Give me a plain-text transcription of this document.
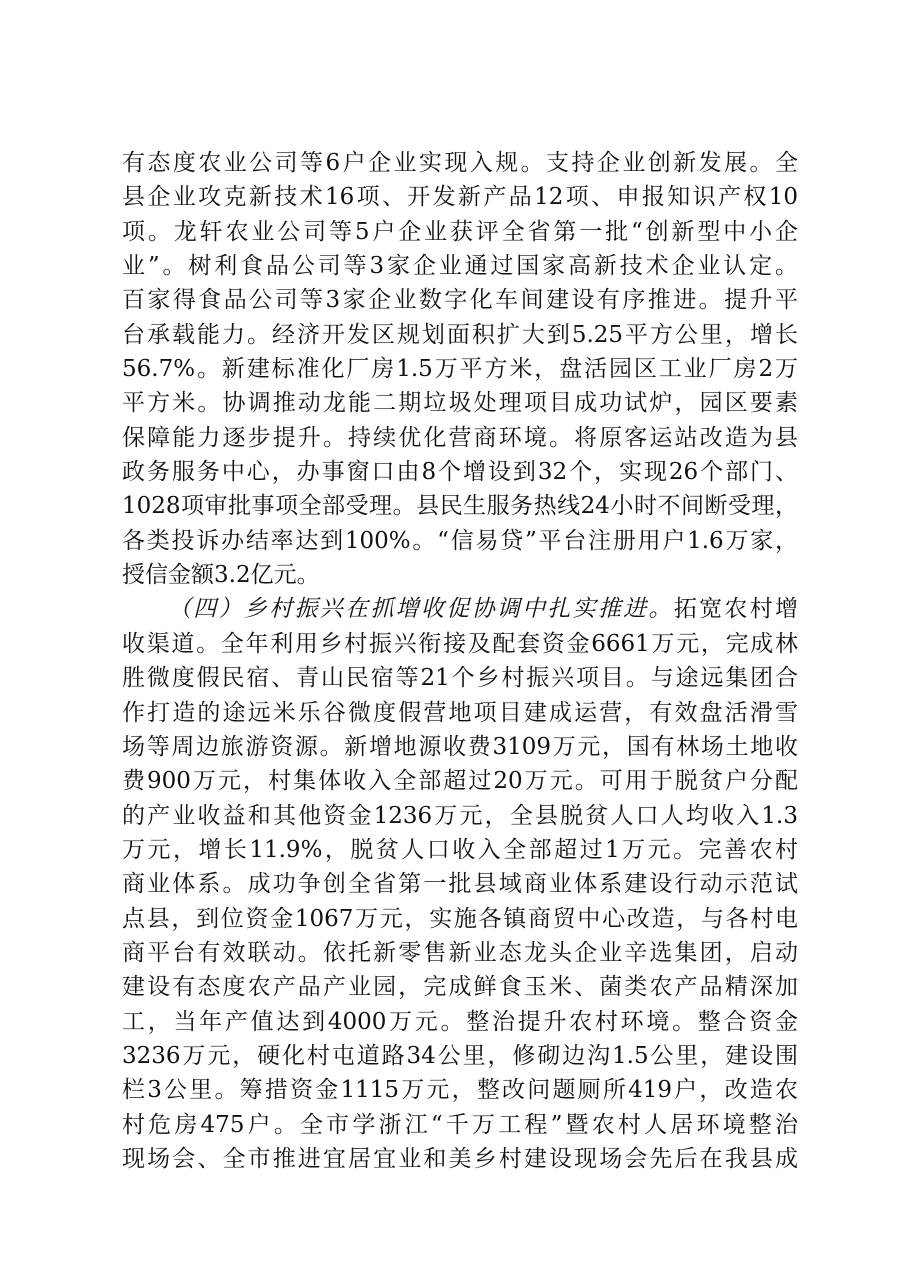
有态度农业公司等6户企业实现入规。支持企业创新发展。全
县企业攻克新技术16项、开发新产品12项、申报知识产权10
项。龙轩农业公司等5户企业获评全省第一批“创新型中小企
业”。树利食品公司等3家企业通过国家高新技术企业认定。
百家得食品公司等3家企业数字化车间建设有序推进。提升平
台承载能力。经济开发区规划面积扩大到5.25平方公里，增长
56.7%。新建标准化厂房1.5万平方米，盘活园区工业厂房2万
平方米。协调推动龙能二期垃圾处理项目成功试炉，园区要素
保障能力逐步提升。持续优化营商环境。将原客运站改造为县
政务服务中心，办事窗口由8个增设到32个，实现26个部门、
1028项审批事项全部受理。县民生服务热线24小时不间断受理，
各类投诉办结率达到100%。“信易贷”平台注册用户1.6万家，
授信金额3.2亿元。
（四）乡村振兴在抓增收促协调中扎实推进。拓宽农村增
收渠道。全年利用乡村振兴衔接及配套资金6661万元，完成林
胜微度假民宿、青山民宿等21个乡村振兴项目。与途远集团合
作打造的途远米乐谷微度假营地项目建成运营，有效盘活滑雪
场等周边旅游资源。新增地源收费3109万元，国有林场土地收
费900万元，村集体收入全部超过20万元。可用于脱贫户分配
的产业收益和其他资金1236万元，全县脱贫人口人均收入1.3
万元，增长11.9%，脱贫人口收入全部超过1万元。完善农村
商业体系。成功争创全省第一批县域商业体系建设行动示范试
点县，到位资金1067万元，实施各镇商贸中心改造，与各村电
商平台有效联动。依托新零售新业态龙头企业辛选集团，启动
建设有态度农产品产业园，完成鲜食玉米、菌类农产品精深加
工，当年产值达到4000万元。整治提升农村环境。整合资金
3236万元，硬化村屯道路34公里，修砌边沟1.5公里，建设围
栏3公里。筹措资金1115万元，整改问题厕所419户，改造农
村危房475户。全市学浙江“千万工程”暨农村人居环境整治
现场会、全市推进宜居宜业和美乡村建设现场会先后在我县成
